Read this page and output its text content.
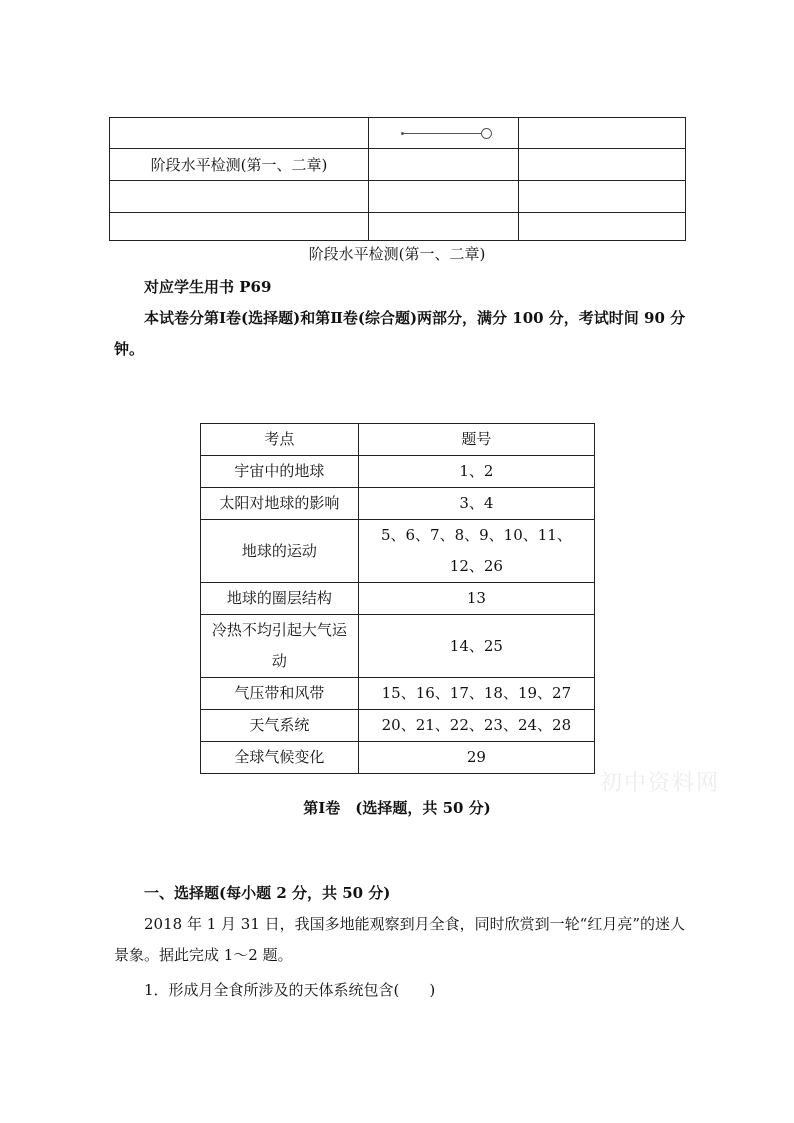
阶段水平检测(第一、二章)		

阶段水平检测(第一、二章)
对应学生用书 P69
本试卷分第Ⅰ卷(选择题)和第Ⅱ卷(综合题)两部分，满分 100 分，考试时间 90 分钟。
考点	题号
宇宙中的地球	1、2
太阳对地球的影响	3、4
地球的运动	5、6、7、8、9、10、11、12、26
地球的圈层结构	13
冷热不均引起大气运动	14、25
气压带和风带	15、16、17、18、19、27
天气系统	20、21、22、23、24、28
全球气候变化	29
初中资料网
第Ⅰ卷　(选择题，共 50 分)
一、选择题(每小题 2 分，共 50 分)
2018 年 1 月 31 日，我国多地能观察到月全食，同时欣赏到一轮“红月亮”的迷人景象。据此完成 1～2 题。
1．形成月全食所涉及的天体系统包含(　　)
